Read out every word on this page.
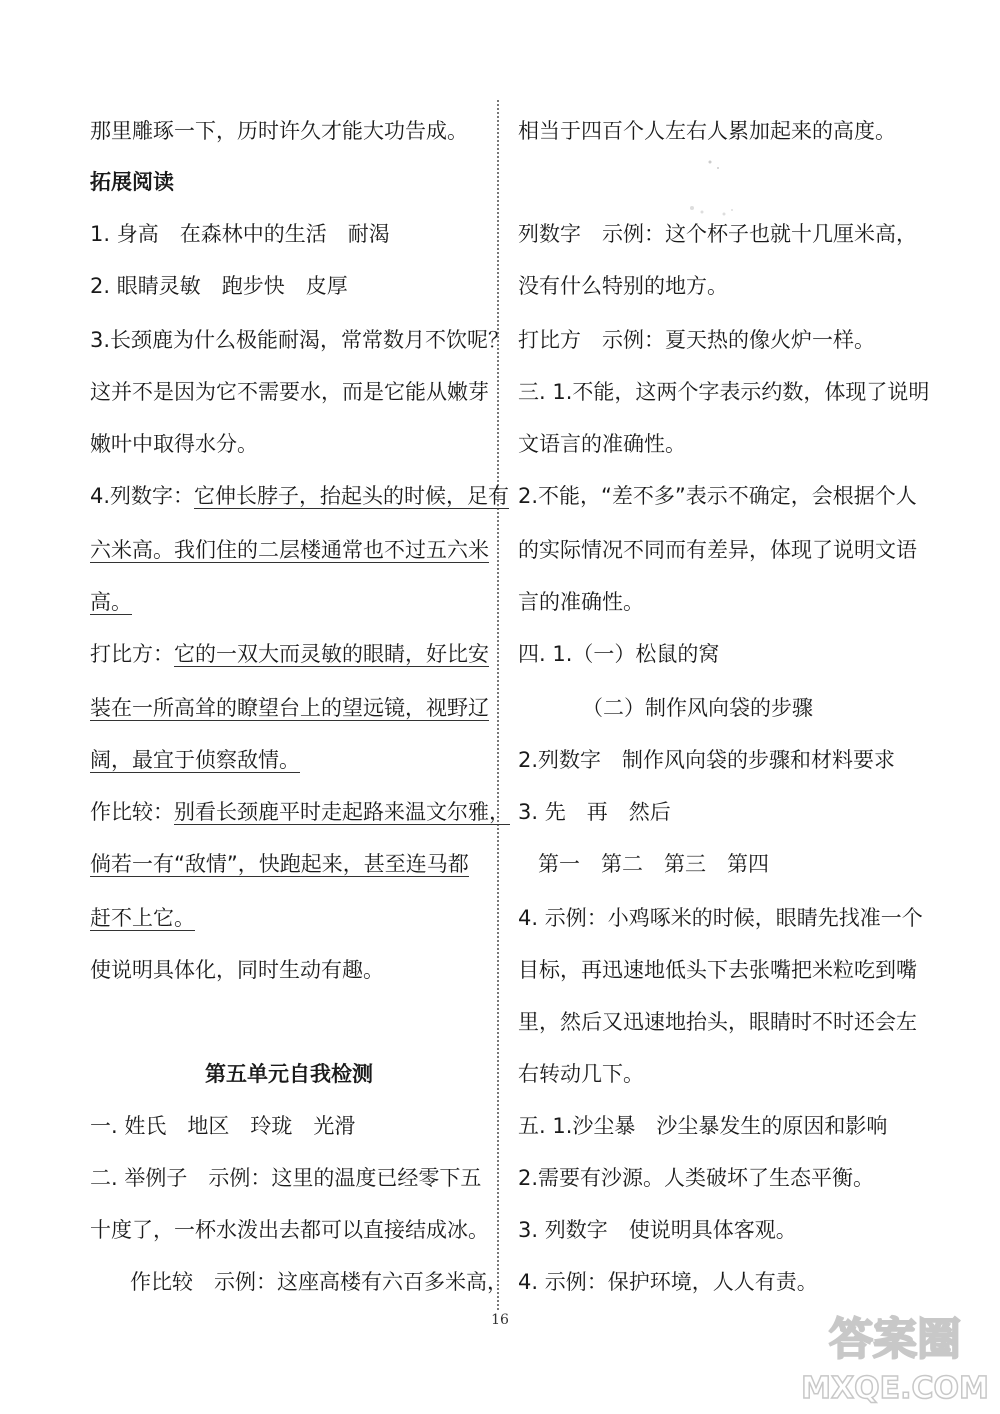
那里雕琢一下，历时许久才能大功告成。
拓展阅读
1. 身高　在森林中的生活　耐渴
2. 眼睛灵敏　跑步快　皮厚
3.长颈鹿为什么极能耐渴，常常数月不饮呢？
这并不是因为它不需要水，而是它能从嫩芽
嫩叶中取得水分。
4.列数字：它伸长脖子，抬起头的时候，足有
六米高。我们住的二层楼通常也不过五六米
高。
打比方：它的一双大而灵敏的眼睛，好比安
装在一所高耸的瞭望台上的望远镜，视野辽
阔，最宜于侦察敌情。
作比较：别看长颈鹿平时走起路来温文尔雅，
倘若一有“敌情”，快跑起来，甚至连马都
赶不上它。
使说明具体化，同时生动有趣。
第五单元自我检测
一. 姓氏　地区　玲珑　光滑
二. 举例子　示例：这里的温度已经零下五
十度了，一杯水泼出去都可以直接结成冰。
作比较　示例：这座高楼有六百多米高，
相当于四百个人左右人累加起来的高度。
列数字　示例：这个杯子也就十几厘米高，
没有什么特别的地方。
打比方　示例：夏天热的像火炉一样。
三. 1.不能，这两个字表示约数，体现了说明
文语言的准确性。
2.不能，“差不多”表示不确定，会根据个人
的实际情况不同而有差异，体现了说明文语
言的准确性。
四. 1.（一）松鼠的窝
（二）制作风向袋的步骤
2.列数字　制作风向袋的步骤和材料要求
3. 先　再　然后
第一　第二　第三　第四
4. 示例：小鸡啄米的时候，眼睛先找准一个
目标，再迅速地低头下去张嘴把米粒吃到嘴
里，然后又迅速地抬头，眼睛时不时还会左
右转动几下。
五. 1.沙尘暴　沙尘暴发生的原因和影响
2.需要有沙源。人类破坏了生态平衡。
3. 列数字　使说明具体客观。
4. 示例：保护环境，人人有责。
16	答案圈
MXQE.COM
